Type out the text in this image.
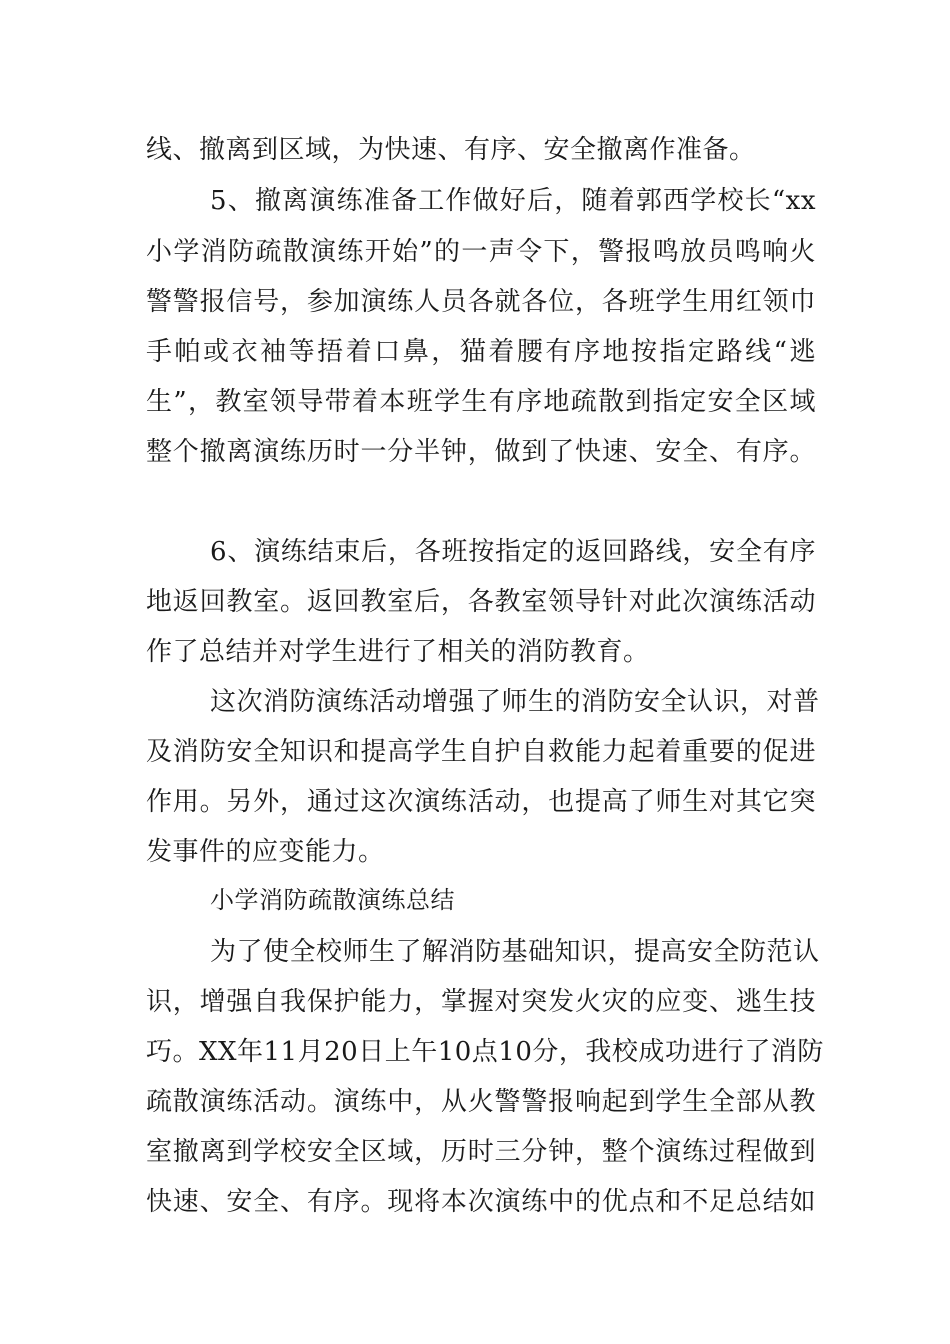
线、撤离到区域，为快速、有序、安全撤离作准备。
5、撤离演练准备工作做好后，随着郭西学校长“xx
小学消防疏散演练开始”的一声令下，警报鸣放员鸣响火
警警报信号，参加演练人员各就各位，各班学生用红领巾
手帕或衣袖等捂着口鼻，猫着腰有序地按指定路线“逃
生”，教室领导带着本班学生有序地疏散到指定安全区域
整个撤离演练历时一分半钟，做到了快速、安全、有序。
6、演练结束后，各班按指定的返回路线，安全有序
地返回教室。返回教室后，各教室领导针对此次演练活动
作了总结并对学生进行了相关的消防教育。
这次消防演练活动增强了师生的消防安全认识，对普
及消防安全知识和提高学生自护自救能力起着重要的促进
作用。另外，通过这次演练活动，也提高了师生对其它突
发事件的应变能力。
小学消防疏散演练总结
为了使全校师生了解消防基础知识，提高安全防范认
识，增强自我保护能力，掌握对突发火灾的应变、逃生技
巧。XX年11月20日上午10点10分，我校成功进行了消防
疏散演练活动。演练中，从火警警报响起到学生全部从教
室撤离到学校安全区域，历时三分钟，整个演练过程做到
快速、安全、有序。现将本次演练中的优点和不足总结如
